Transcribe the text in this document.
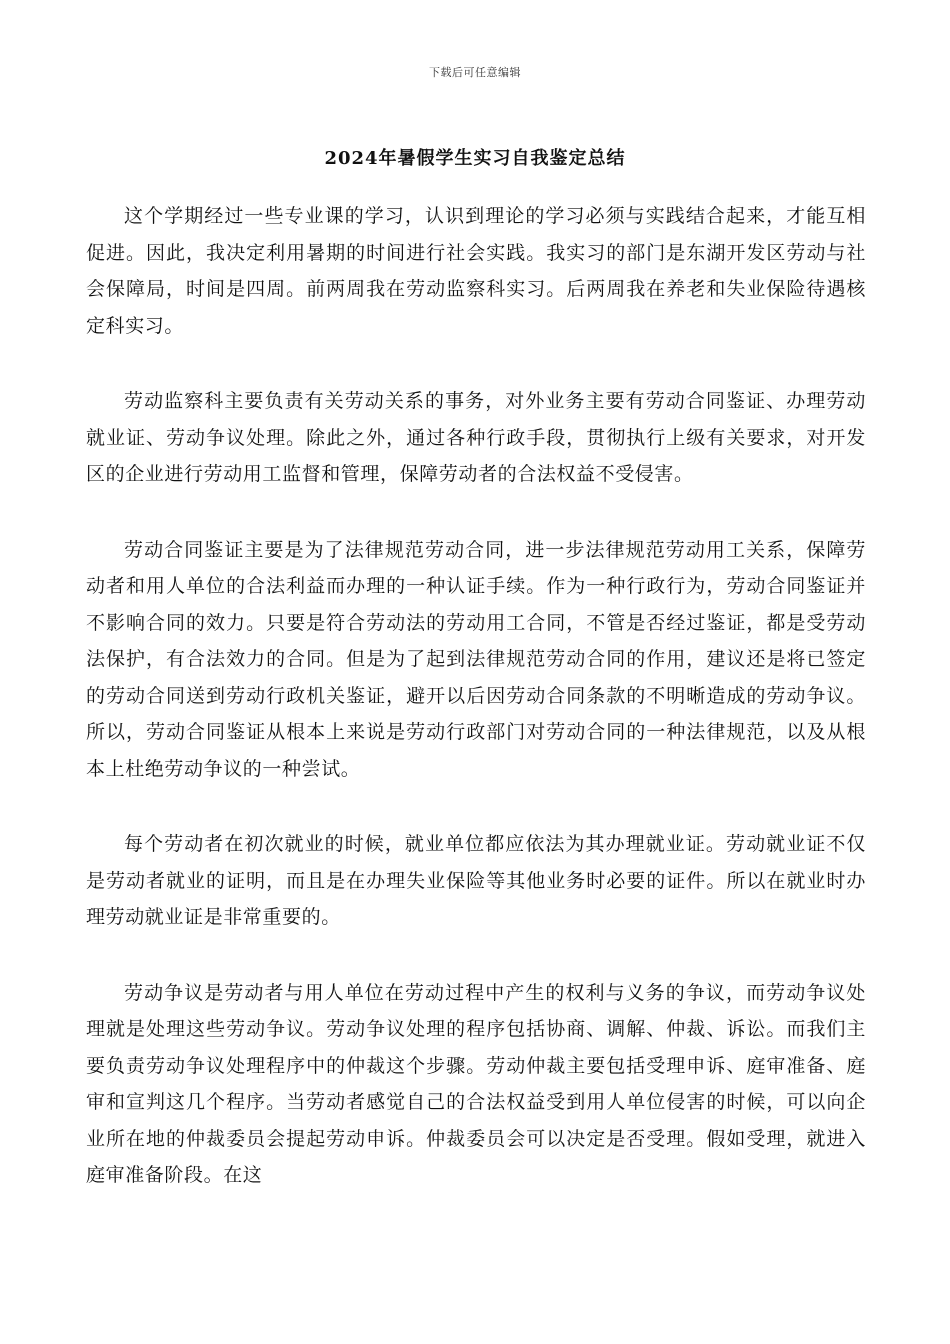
下载后可任意编辑
2024年暑假学生实习自我鉴定总结

这个学期经过一些专业课的学习，认识到理论的学习必须与实践结合起来，才能互相促进。因此，我决定利用暑期的时间进行社会实践。我实习的部门是东湖开发区劳动与社会保障局，时间是四周。前两周我在劳动监察科实习。后两周我在养老和失业保险待遇核定科实习。

劳动监察科主要负责有关劳动关系的事务，对外业务主要有劳动合同鉴证、办理劳动就业证、劳动争议处理。除此之外，通过各种行政手段，贯彻执行上级有关要求，对开发区的企业进行劳动用工监督和管理，保障劳动者的合法权益不受侵害。

劳动合同鉴证主要是为了法律规范劳动合同，进一步法律规范劳动用工关系，保障劳动者和用人单位的合法利益而办理的一种认证手续。作为一种行政行为，劳动合同鉴证并不影响合同的效力。只要是符合劳动法的劳动用工合同，不管是否经过鉴证，都是受劳动法保护，有合法效力的合同。但是为了起到法律规范劳动合同的作用，建议还是将已签定的劳动合同送到劳动行政机关鉴证，避开以后因劳动合同条款的不明晰造成的劳动争议。所以，劳动合同鉴证从根本上来说是劳动行政部门对劳动合同的一种法律规范，以及从根本上杜绝劳动争议的一种尝试。

每个劳动者在初次就业的时候，就业单位都应依法为其办理就业证。劳动就业证不仅是劳动者就业的证明，而且是在办理失业保险等其他业务时必要的证件。所以在就业时办理劳动就业证是非常重要的。

劳动争议是劳动者与用人单位在劳动过程中产生的权利与义务的争议，而劳动争议处理就是处理这些劳动争议。劳动争议处理的程序包括协商、调解、仲裁、诉讼。而我们主要负责劳动争议处理程序中的仲裁这个步骤。劳动仲裁主要包括受理申诉、庭审准备、庭审和宣判这几个程序。当劳动者感觉自己的合法权益受到用人单位侵害的时候，可以向企业所在地的仲裁委员会提起劳动申诉。仲裁委员会可以决定是否受理。假如受理，就进入庭审准备阶段。在这
